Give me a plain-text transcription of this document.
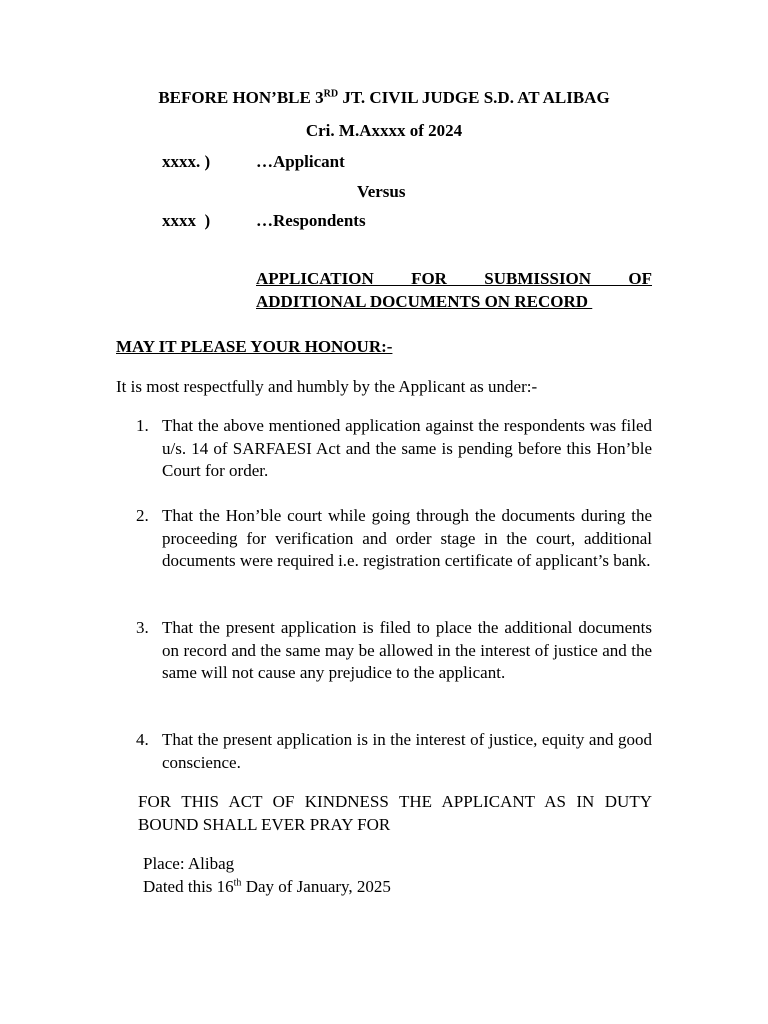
BEFORE HON’BLE 3RD JT. CIVIL JUDGE S.D. AT ALIBAG
Cri. M.Axxxx of 2024
xxxx. )	…Applicant
Versus
xxxx  )	…Respondents
APPLICATION FOR SUBMISSION OF
ADDITIONAL DOCUMENTS ON RECORD
MAY IT PLEASE YOUR HONOUR:-
It is most respectfully and humbly by the Applicant as under:-
1. That the above mentioned application against the respondents was filed u/s. 14 of SARFAESI Act and the same is pending before this Hon’ble Court for order.
2. That the Hon’ble court while going through the documents during the proceeding for verification and order stage in the court, additional documents were required i.e. registration certificate of applicant’s bank.
3. That the present application is filed to place the additional documents on record and the same may be allowed in the interest of justice and the same will not cause any prejudice to the applicant.
4. That the present application is in the interest of justice, equity and good conscience.
FOR THIS ACT OF KINDNESS THE APPLICANT AS IN DUTY
BOUND SHALL EVER PRAY FOR
Place: Alibag
Dated this 16th Day of January, 2025
